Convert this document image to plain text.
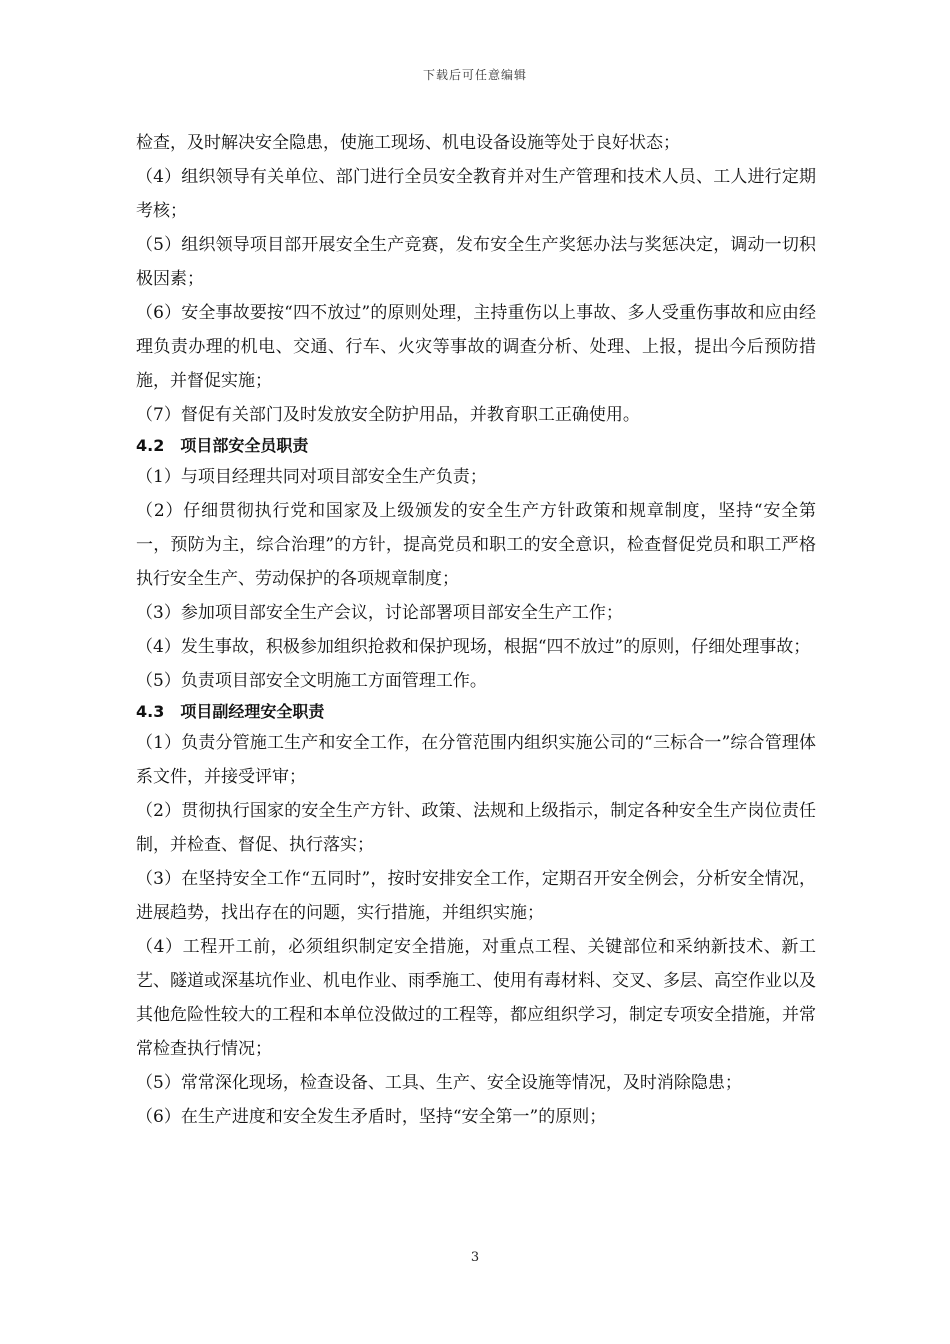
下载后可任意编辑

检查，及时解决安全隐患，使施工现场、机电设备设施等处于良好状态；

（4）组织领导有关单位、部门进行全员安全教育并对生产管理和技术人员、工人进行定期考核；

（5）组织领导项目部开展安全生产竞赛，发布安全生产奖惩办法与奖惩决定，调动一切积极因素；

（6）安全事故要按“四不放过”的原则处理，主持重伤以上事故、多人受重伤事故和应由经理负责办理的机电、交通、行车、火灾等事故的调查分析、处理、上报，提出今后预防措施，并督促实施；

（7）督促有关部门及时发放安全防护用品，并教育职工正确使用。

4.2　项目部安全员职责

（1）与项目经理共同对项目部安全生产负责；

（2）仔细贯彻执行党和国家及上级颁发的安全生产方针政策和规章制度，坚持“安全第一，预防为主，综合治理”的方针，提高党员和职工的安全意识，检查督促党员和职工严格执行安全生产、劳动保护的各项规章制度；

（3）参加项目部安全生产会议，讨论部署项目部安全生产工作；

（4）发生事故，积极参加组织抢救和保护现场，根据“四不放过”的原则，仔细处理事故；

（5）负责项目部安全文明施工方面管理工作。

4.3　项目副经理安全职责

（1）负责分管施工生产和安全工作，在分管范围内组织实施公司的“三标合一”综合管理体系文件，并接受评审；

（2）贯彻执行国家的安全生产方针、政策、法规和上级指示，制定各种安全生产岗位责任制，并检查、督促、执行落实；

（3）在坚持安全工作“五同时”，按时安排安全工作，定期召开安全例会，分析安全情况，进展趋势，找出存在的问题，实行措施，并组织实施；

（4）工程开工前，必须组织制定安全措施，对重点工程、关键部位和采纳新技术、新工艺、隧道或深基坑作业、机电作业、雨季施工、使用有毒材料、交叉、多层、高空作业以及其他危险性较大的工程和本单位没做过的工程等，都应组织学习，制定专项安全措施，并常常检查执行情况；

（5）常常深化现场，检查设备、工具、生产、安全设施等情况，及时消除隐患；

（6）在生产进度和安全发生矛盾时，坚持“安全第一”的原则；

3
